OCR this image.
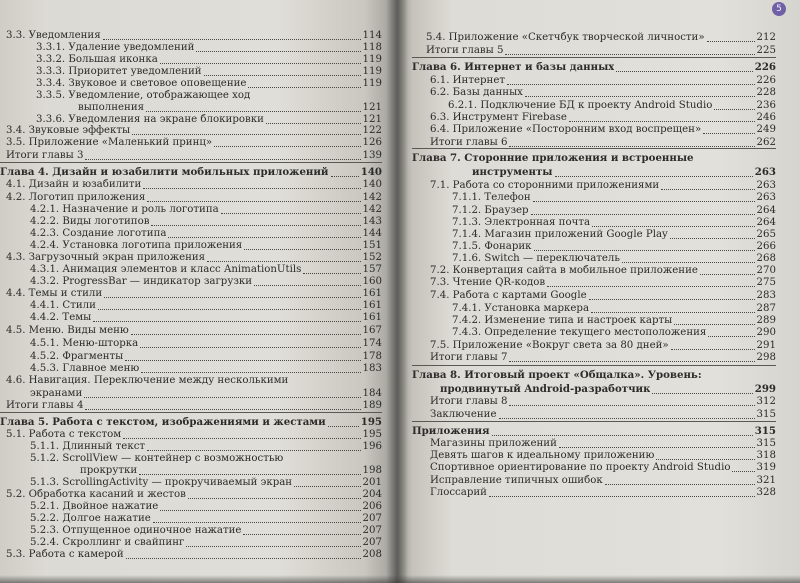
3.3. Уведомления	114
3.3.1. Удаление уведомлений	118
3.3.2. Большая иконка	119
3.3.3. Приоритет уведомлений	119
3.3.4. Звуковое и световое оповещение	119
3.3.5. Уведомление, отображающее ход
выполнения	121
3.3.6. Уведомления на экране блокировки	121
3.4. Звуковые эффекты	122
3.5. Приложение «Маленький принц»	126
Итоги главы 3	139
Глава 4. Дизайн и юзабилити мобильных приложений	140
4.1. Дизайн и юзабилити	140
4.2. Логотип приложения	142
4.2.1. Назначение и роль логотипа	142
4.2.2. Виды логотипов	143
4.2.3. Создание логотипа	144
4.2.4. Установка логотипа приложения	151
4.3. Загрузочный экран приложения	152
4.3.1. Анимация элементов и класс AnimationUtils	157
4.3.2. ProgressBar — индикатор загрузки	160
4.4. Темы и стили	161
4.4.1. Стили	161
4.4.2. Темы	161
4.5. Меню. Виды меню	167
4.5.1. Меню-шторка	174
4.5.2. Фрагменты	178
4.5.3. Главное меню	183
4.6. Навигация. Переключение между несколькими
экранами	184
Итоги главы 4	189
Глава 5. Работа с текстом, изображениями и жестами	195
5.1. Работа с текстом	195
5.1.1. Длинный текст	196
5.1.2. ScrollView — контейнер с возможностью
прокрутки	198
5.1.3. ScrollingActivity — прокручиваемый экран	201
5.2. Обработка касаний и жестов	204
5.2.1. Двойное нажатие	206
5.2.2. Долгое нажатие	207
5.2.3. Отпущенное одиночное нажатие	207
5.2.4. Скроллинг и свайпинг	207
5.3. Работа с камерой	208
5.4. Приложение «Скетчбук творческой личности»	212
Итоги главы 5	225
Глава 6. Интернет и базы данных	226
6.1. Интернет	226
6.2. Базы данных	228
6.2.1. Подключение БД к проекту Android Studio	236
6.3. Инструмент Firebase	246
6.4. Приложение «Посторонним вход воспрещен»	249
Итоги главы 6	262
Глава 7. Сторонние приложения и встроенные
инструменты	263
7.1. Работа со сторонними приложениями	263
7.1.1. Телефон	263
7.1.2. Браузер	264
7.1.3. Электронная почта	264
7.1.4. Магазин приложений Google Play	265
7.1.5. Фонарик	266
7.1.6. Switch — переключатель	268
7.2. Конвертация сайта в мобильное приложение	270
7.3. Чтение QR-кодов	275
7.4. Работа с картами Google	283
7.4.1. Установка маркера	287
7.4.2. Изменение типа и настроек карты	289
7.4.3. Определение текущего местоположения	290
7.5. Приложение «Вокруг света за 80 дней»	291
Итоги главы 7	298
Глава 8. Итоговый проект «Общалка». Уровень:
продвинутый Android-разработчик	299
Итоги главы 8	312
Заключение	315
Приложения	315
Магазины приложений	315
Девять шагов к идеальному приложению	318
Спортивное ориентирование по проекту Android Studio	319
Исправление типичных ошибок	321
Глоссарий	328
5
